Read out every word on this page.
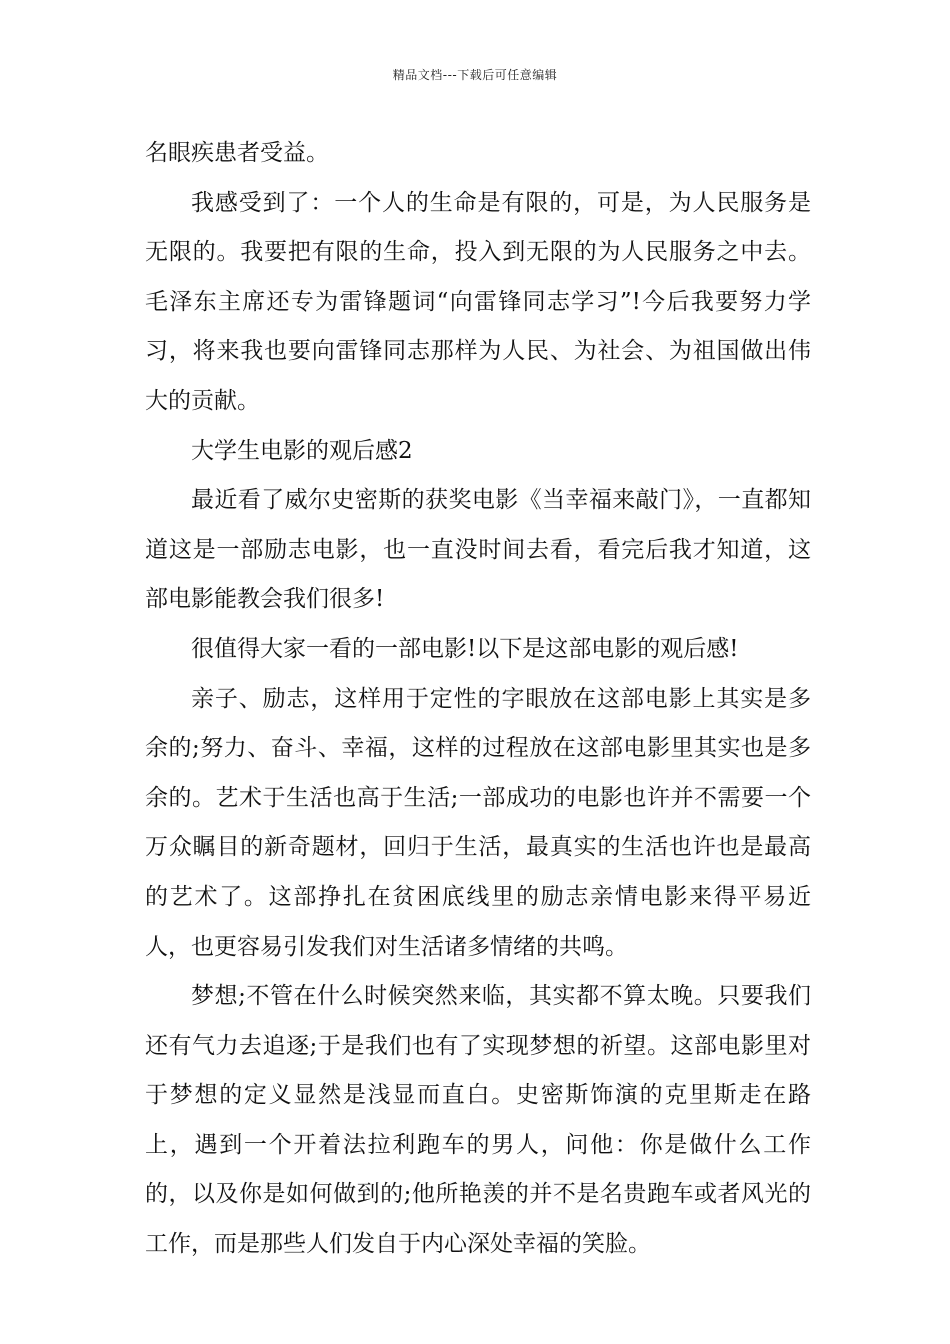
精品文档---下载后可任意编辑

名眼疾患者受益。

我感受到了：一个人的生命是有限的，可是，为人民服务是无限的。我要把有限的生命，投入到无限的为人民服务之中去。毛泽东主席还专为雷锋题词“向雷锋同志学习”!今后我要努力学习，将来我也要向雷锋同志那样为人民、为社会、为祖国做出伟大的贡献。

大学生电影的观后感2

最近看了威尔史密斯的获奖电影《当幸福来敲门》，一直都知道这是一部励志电影，也一直没时间去看，看完后我才知道，这部电影能教会我们很多!

很值得大家一看的一部电影!以下是这部电影的观后感!

亲子、励志，这样用于定性的字眼放在这部电影上其实是多余的;努力、奋斗、幸福，这样的过程放在这部电影里其实也是多余的。艺术于生活也高于生活;一部成功的电影也许并不需要一个万众瞩目的新奇题材，回归于生活，最真实的生活也许也是最高的艺术了。这部挣扎在贫困底线里的励志亲情电影来得平易近人，也更容易引发我们对生活诸多情绪的共鸣。

梦想;不管在什么时候突然来临，其实都不算太晚。只要我们还有气力去追逐;于是我们也有了实现梦想的祈望。这部电影里对于梦想的定义显然是浅显而直白。史密斯饰演的克里斯走在路上，遇到一个开着法拉利跑车的男人，问他：你是做什么工作的，以及你是如何做到的;他所艳羡的并不是名贵跑车或者风光的工作，而是那些人们发自于内心深处幸福的笑脸。
